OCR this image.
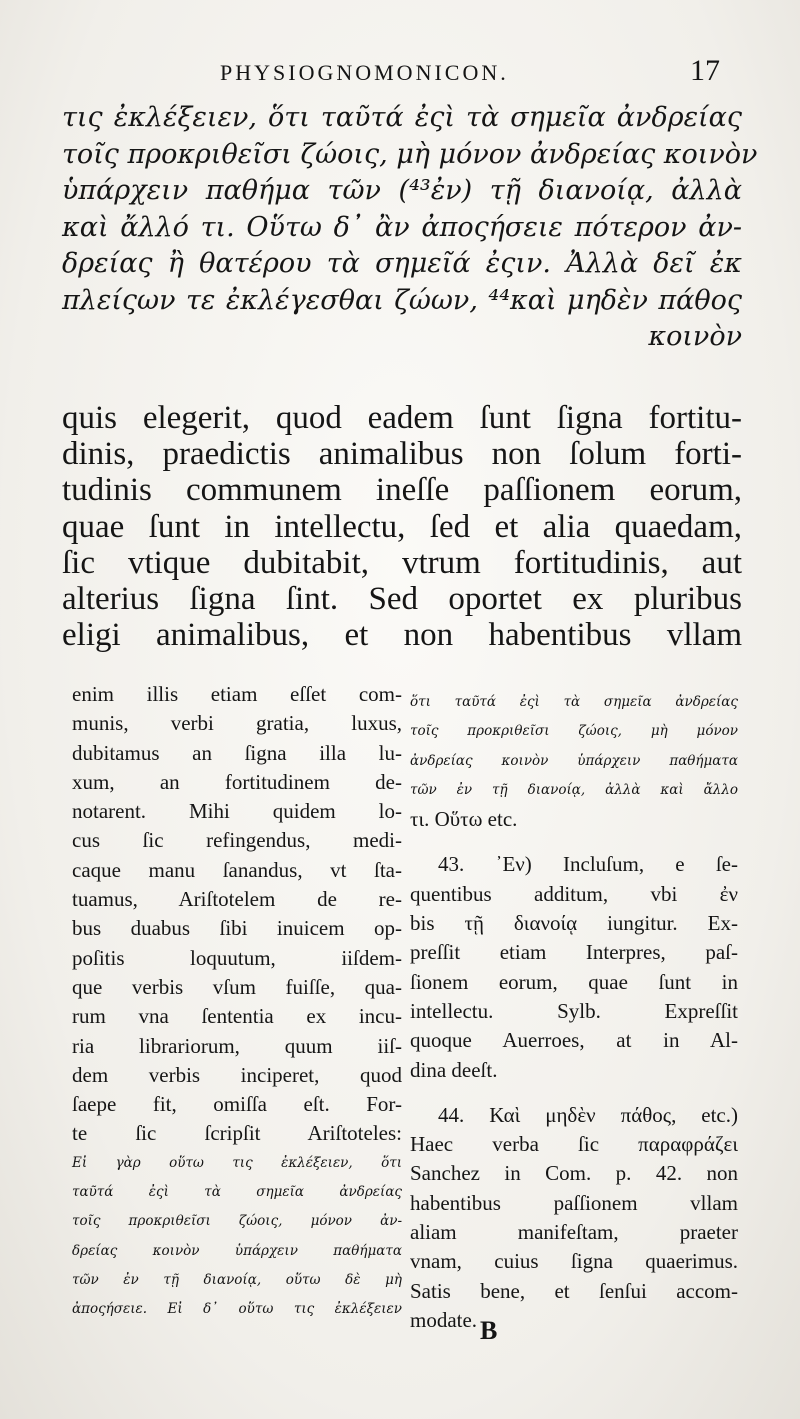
PHYSIOGNOMONICON.	17
τις ἐκλέξειεν, ὅτι ταῦτά ἐςὶ τὰ σημεῖα ἀνδρείας
τοῖς προκριθεῖσι ζώοις, μὴ μόνον ἀνδρείας κοινὸν
ὑπάρχειν παθήμα τῶν (⁴³ἐν) τῇ διανοίᾳ, ἀλλὰ
καὶ ἄλλό τι. Οὕτω δ᾽ ἂν ἀποςήσειε πότερον ἀν-
δρείας ἢ θατέρου τὰ σημεῖά ἐςιν. Ἀλλὰ δεῖ ἐκ
πλείςων τε ἐκλέγεσθαι ζώων, ⁴⁴καὶ μηδὲν πάθος
κοινὸν
quis elegerit, quod eadem ſunt ſigna fortitu-
dinis, praedictis animalibus non ſolum forti-
tudinis communem ineſſe paſſionem eorum,
quae ſunt in intellectu, ſed et alia quaedam,
ſic vtique dubitabit, vtrum fortitudinis, aut
alterius ſigna ſint. Sed oportet ex pluribus
eligi animalibus, et non habentibus vllam
enim illis etiam eſſet com-
munis, verbi gratia, luxus,
dubitamus an ſigna illa lu-
xum, an fortitudinem de-
notarent. Mihi quidem lo-
cus ſic refingendus, medi-
caque manu ſanandus, vt ſta-
tuamus, Ariſtotelem de re-
bus duabus ſibi inuicem op-
poſitis loquutum, iiſdem-
que verbis vſum fuiſſe, qua-
rum vna ſententia ex incu-
ria librariorum, quum iiſ-
dem verbis inciperet, quod
ſaepe fit, omiſſa eſt. For-
te ſic ſcripſit Ariſtoteles:
Εἰ γὰρ οὕτω τις ἐκλέξειεν, ὅτι
ταῦτά ἐςὶ τὰ σημεῖα ἀνδρείας
τοῖς προκριθεῖσι ζώοις, μόνον ἀν-
δρείας κοινὸν ὑπάρχειν παθήματα
τῶν ἐν τῇ διανοίᾳ, οὕτω δὲ μὴ
ἀποςήσειε. Εἰ δ᾽ οὕτω τις ἐκλέξειεν
ὅτι ταῦτά ἐςὶ τὰ σημεῖα ἀνδρείας
τοῖς προκριθεῖσι ζώοις, μὴ μόνον
ἀνδρείας κοινὸν ὑπάρχειν παθήματα
τῶν ἐν τῇ διανοίᾳ, ἀλλὰ καὶ ἄλλο
τι. Οὕτω etc.
43. ᾽Εν) Incluſum, e ſe-
quentibus additum, vbi ἐν
bis τῇ διανοίᾳ iungitur. Ex-
preſſit etiam Interpres, paſ-
ſionem eorum, quae ſunt in
intellectu. Sylb. Expreſſit
quoque Auerroes, at in Al-
dina deeſt.
44. Καὶ μηδὲν πάθος, etc.)
Haec verba ſic παραφράζει
Sanchez in Com. p. 42. non
habentibus paſſionem vllam
aliam manifeſtam, praeter
vnam, cuius ſigna quaerimus.
Satis bene, et ſenſui accom-
modate. B
